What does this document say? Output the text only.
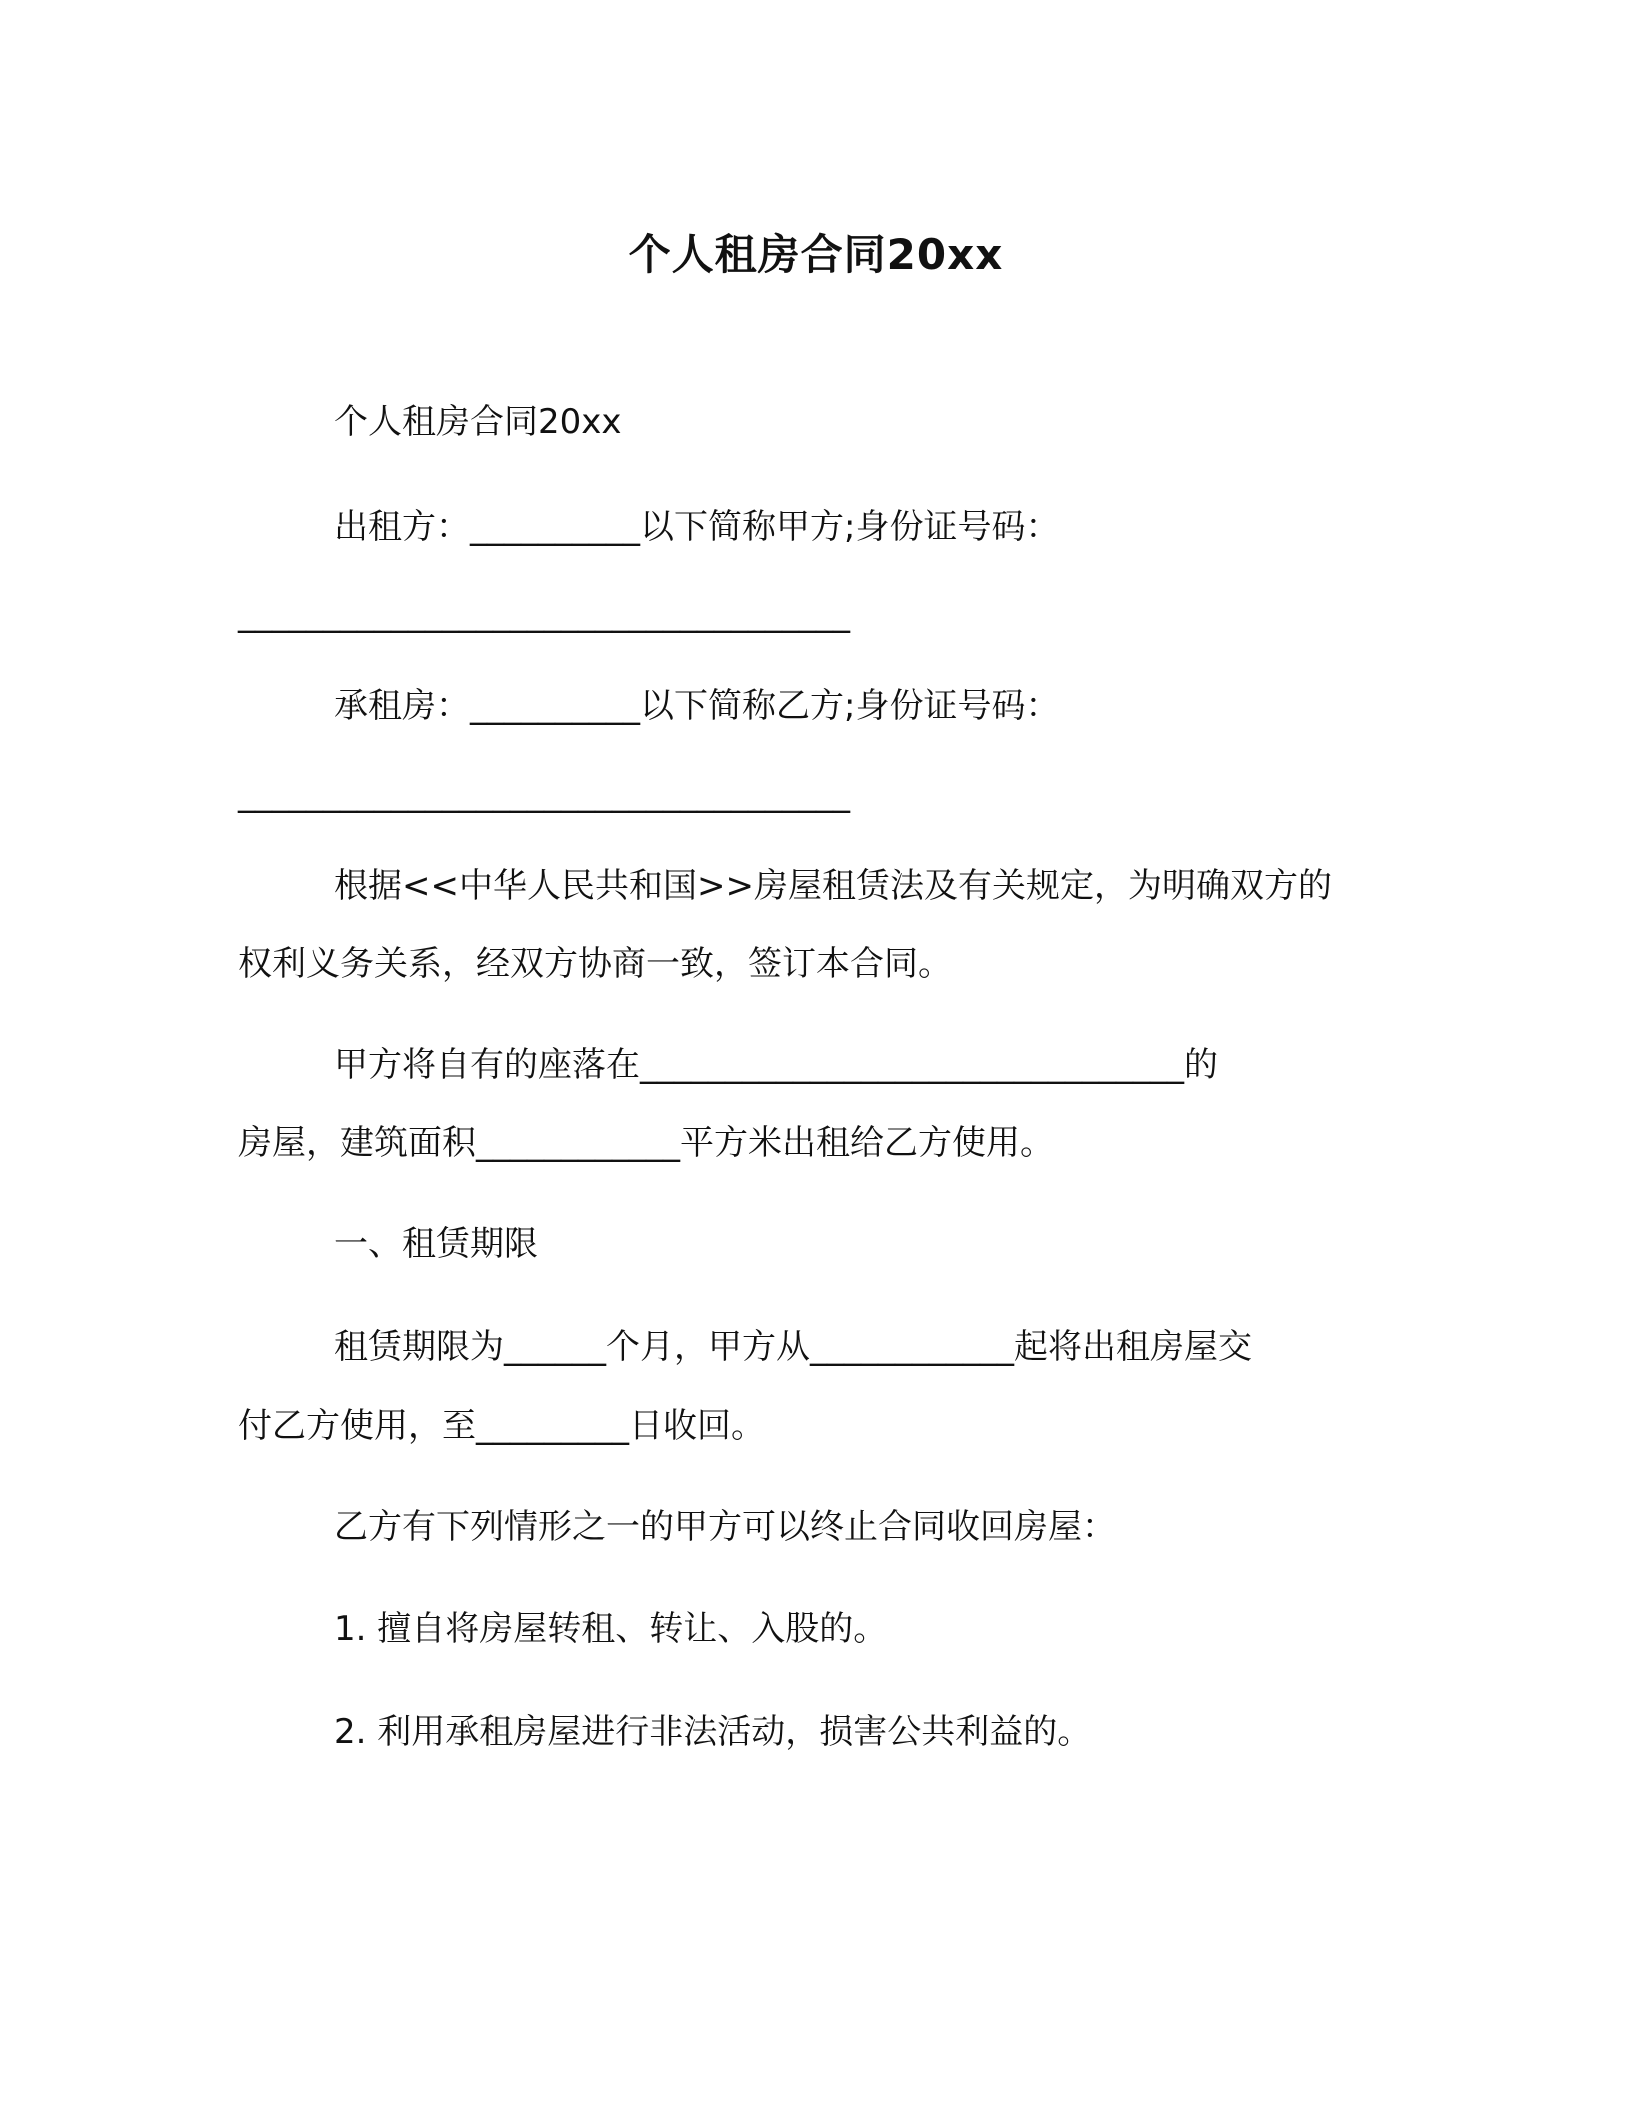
个人租房合同20xx
个人租房合同20xx
出租方：__________以下简称甲方;身份证号码：
____________________________________
承租房：__________以下简称乙方;身份证号码：
____________________________________
根据<<中华人民共和国>>房屋租赁法及有关规定，为明确双方的
权利义务关系，经双方协商一致，签订本合同。
甲方将自有的座落在________________________________的
房屋，建筑面积____________平方米出租给乙方使用。
一、租赁期限
租赁期限为______个月，甲方从____________起将出租房屋交
付乙方使用，至_________日收回。
乙方有下列情形之一的甲方可以终止合同收回房屋：
1. 擅自将房屋转租、转让、入股的。
2. 利用承租房屋进行非法活动，损害公共利益的。
